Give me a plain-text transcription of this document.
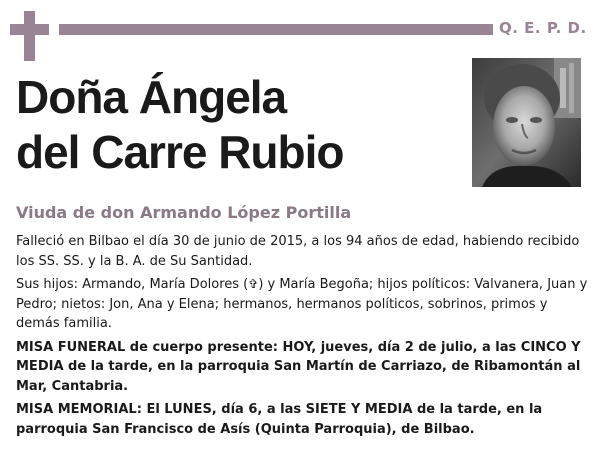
Q. E. P. D.
Doña Ángela
del Carre Rubio
Viuda de don Armando López Portilla

Falleció en Bilbao el día 30 de junio de 2015, a los 94 años de edad, habiendo recibido los SS. SS. y la B. A. de Su Santidad.

Sus hijos: Armando, María Dolores (✞) y María Begoña; hijos políticos: Valvanera, Juan y Pedro; nietos: Jon, Ana y Elena; hermanos, hermanos políticos, sobrinos, primos y demás familia.

MISA FUNERAL de cuerpo presente: HOY, jueves, día 2 de julio, a las CINCO Y MEDIA de la tarde, en la parroquia San Martín de Carriazo, de Ribamontán al Mar, Cantabria.

MISA MEMORIAL: El LUNES, día 6, a las SIETE Y MEDIA de la tarde, en la parroquia San Francisco de Asís (Quinta Parroquia), de Bilbao.
